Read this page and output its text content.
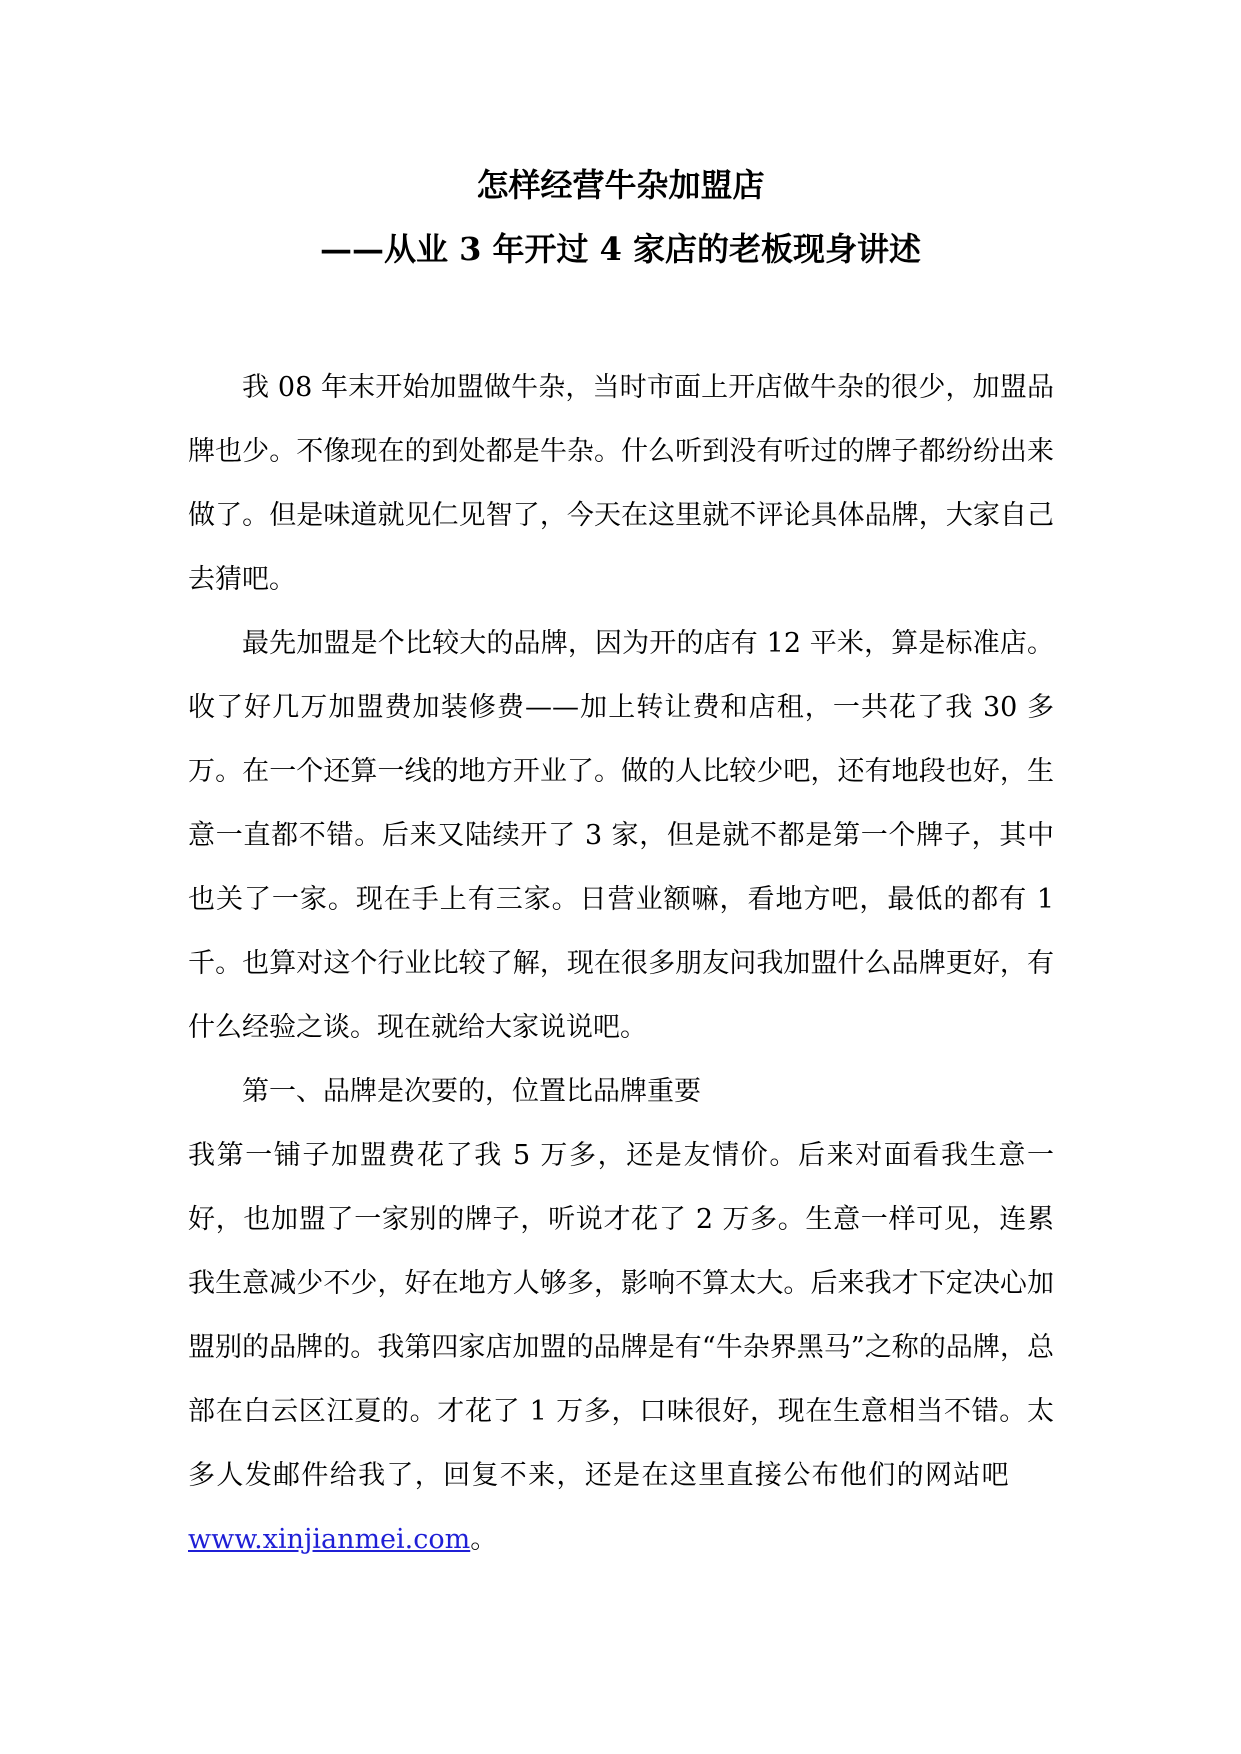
怎样经营牛杂加盟店
——从业 3 年开过 4 家店的老板现身讲述

我 08 年末开始加盟做牛杂，当时市面上开店做牛杂的很少，加盟品牌也少。不像现在的到处都是牛杂。什么听到没有听过的牌子都纷纷出来做了。但是味道就见仁见智了，今天在这里就不评论具体品牌，大家自己去猜吧。

最先加盟是个比较大的品牌，因为开的店有 12 平米，算是标准店。收了好几万加盟费加装修费——加上转让费和店租，一共花了我 30 多万。在一个还算一线的地方开业了。做的人比较少吧，还有地段也好，生意一直都不错。后来又陆续开了 3 家，但是就不都是第一个牌子，其中也关了一家。现在手上有三家。日营业额嘛，看地方吧，最低的都有 1 千。也算对这个行业比较了解，现在很多朋友问我加盟什么品牌更好，有什么经验之谈。现在就给大家说说吧。

第一、品牌是次要的，位置比品牌重要

我第一铺子加盟费花了我 5 万多，还是友情价。后来对面看我生意一好，也加盟了一家别的牌子，听说才花了 2 万多。生意一样可见，连累我生意减少不少，好在地方人够多，影响不算太大。后来我才下定决心加盟别的品牌的。我第四家店加盟的品牌是有“牛杂界黑马”之称的品牌，总部在白云区江夏的。才花了 1 万多，口味很好，现在生意相当不错。太多人发邮件给我了，回复不来，还是在这里直接公布他们的网站吧www.xinjianmei.com。
